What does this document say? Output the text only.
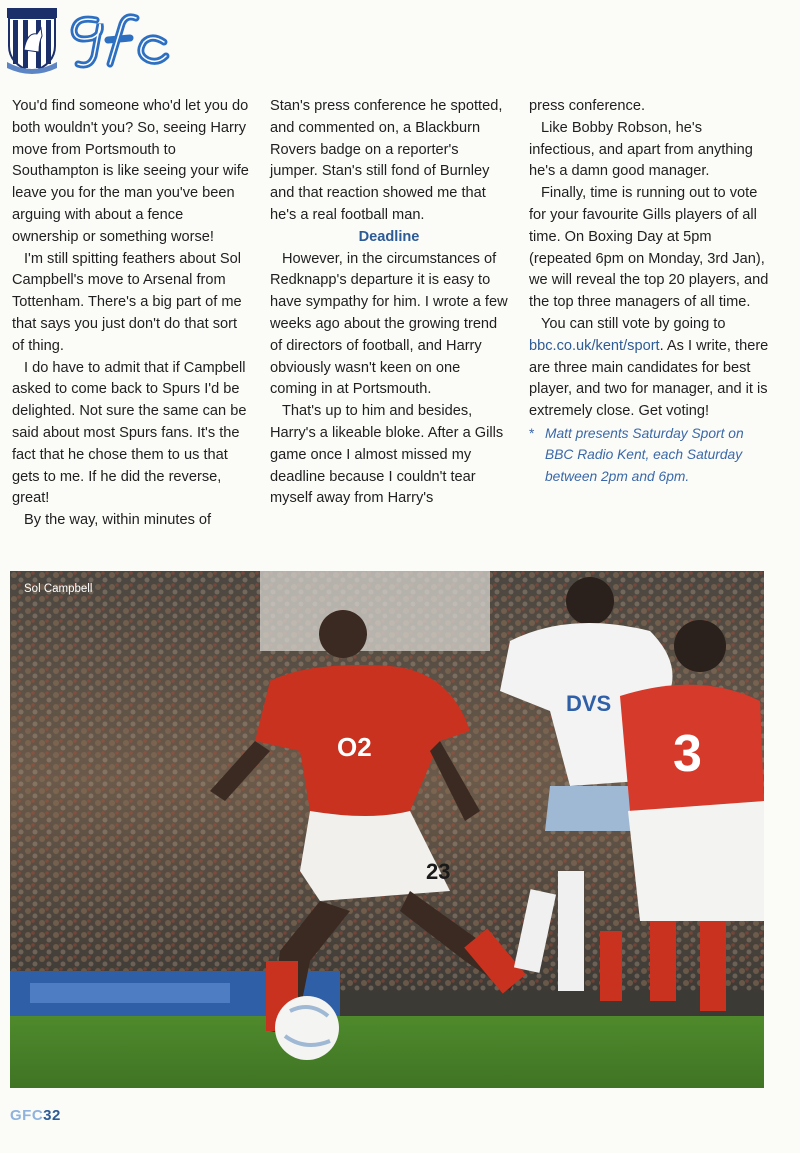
You'd find someone who'd let you do both wouldn't you? So, seeing Harry move from Portsmouth to Southampton is like seeing your wife leave you for the man you've been arguing with about a fence ownership or something worse!

I'm still spitting feathers about Sol Campbell's move to Arsenal from Tottenham. There's a big part of me that says you just don't do that sort of thing.

I do have to admit that if Campbell asked to come back to Spurs I'd be delighted. Not sure the same can be said about most Spurs fans. It's the fact that he chose them to us that gets to me. If he did the reverse, great!

By the way, within minutes of

Stan's press conference he spotted, and commented on, a Blackburn Rovers badge on a reporter's jumper. Stan's still fond of Burnley and that reaction showed me that he's a real football man.

Deadline

However, in the circumstances of Redknapp's departure it is easy to have sympathy for him. I wrote a few weeks ago about the growing trend of directors of football, and Harry obviously wasn't keen on one coming in at Portsmouth.

That's up to him and besides, Harry's a likeable bloke. After a Gills game once I almost missed my deadline because I couldn't tear myself away from Harry's

press conference.

Like Bobby Robson, he's infectious, and apart from anything he's a damn good manager.

Finally, time is running out to vote for your favourite Gills players of all time. On Boxing Day at 5pm (repeated 6pm on Monday, 3rd Jan), we will reveal the top 20 players, and the top three managers of all time.

You can still vote by going to bbc.co.uk/kent/sport. As I write, there are three main candidates for best player, and two for manager, and it is extremely close. Get voting!

* Matt presents Saturday Sport on BBC Radio Kent, each Saturday between 2pm and 6pm.

O2
23
DVS
3
Sol Campbell
GFC32
